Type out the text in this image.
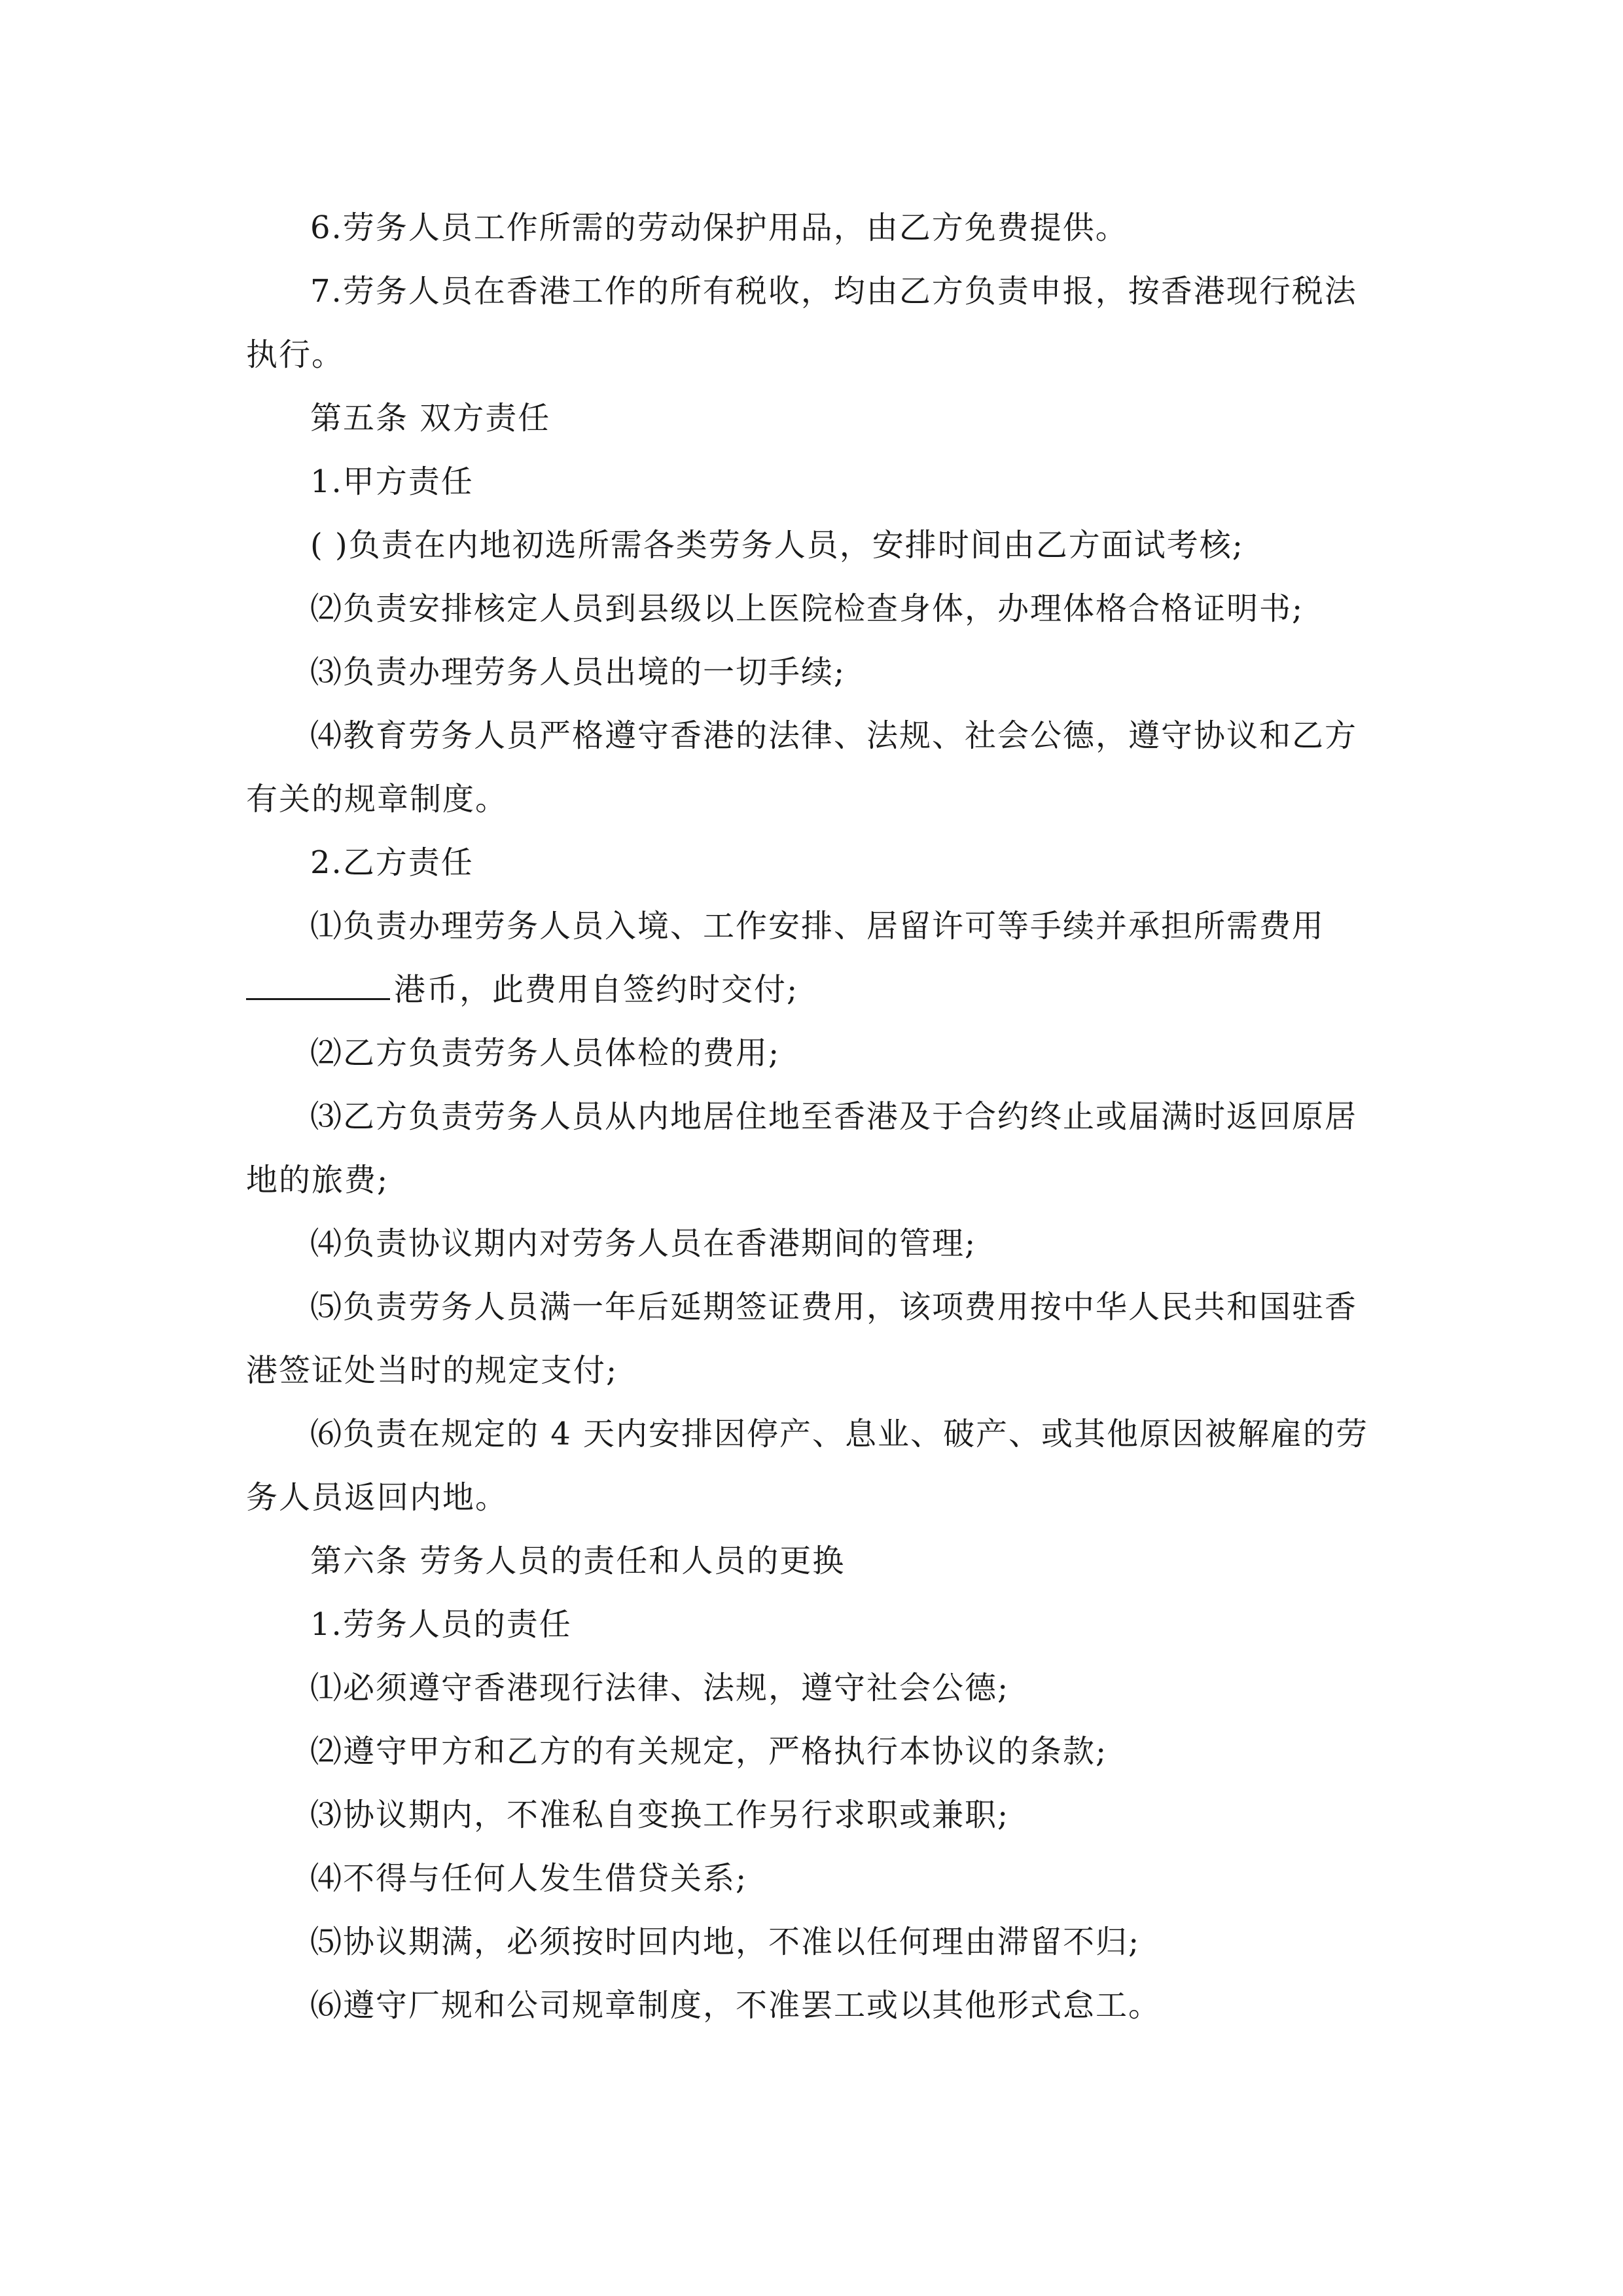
6.劳务人员工作所需的劳动保护用品，由乙方免费提供。

7.劳务人员在香港工作的所有税收，均由乙方负责申报，按香港现行税法执行。

第五条 双方责任

1.甲方责任

( )负责在内地初选所需各类劳务人员，安排时间由乙方面试考核;

⑵负责安排核定人员到县级以上医院检查身体，办理体格合格证明书;

⑶负责办理劳务人员出境的一切手续;

⑷教育劳务人员严格遵守香港的法律、法规、社会公德，遵守协议和乙方有关的规章制度。

2.乙方责任

⑴负责办理劳务人员入境、工作安排、居留许可等手续并承担所需费用

港币，此费用自签约时交付;

⑵乙方负责劳务人员体检的费用;

⑶乙方负责劳务人员从内地居住地至香港及于合约终止或届满时返回原居地的旅费;

⑷负责协议期内对劳务人员在香港期间的管理;

⑸负责劳务人员满一年后延期签证费用，该项费用按中华人民共和国驻香港签证处当时的规定支付;

⑹负责在规定的 4 天内安排因停产、息业、破产、或其他原因被解雇的劳务人员返回内地。

第六条 劳务人员的责任和人员的更换

1.劳务人员的责任

⑴必须遵守香港现行法律、法规，遵守社会公德;

⑵遵守甲方和乙方的有关规定，严格执行本协议的条款;

⑶协议期内，不准私自变换工作另行求职或兼职;

⑷不得与任何人发生借贷关系;

⑸协议期满，必须按时回内地，不准以任何理由滞留不归;

⑹遵守厂规和公司规章制度，不准罢工或以其他形式怠工。
